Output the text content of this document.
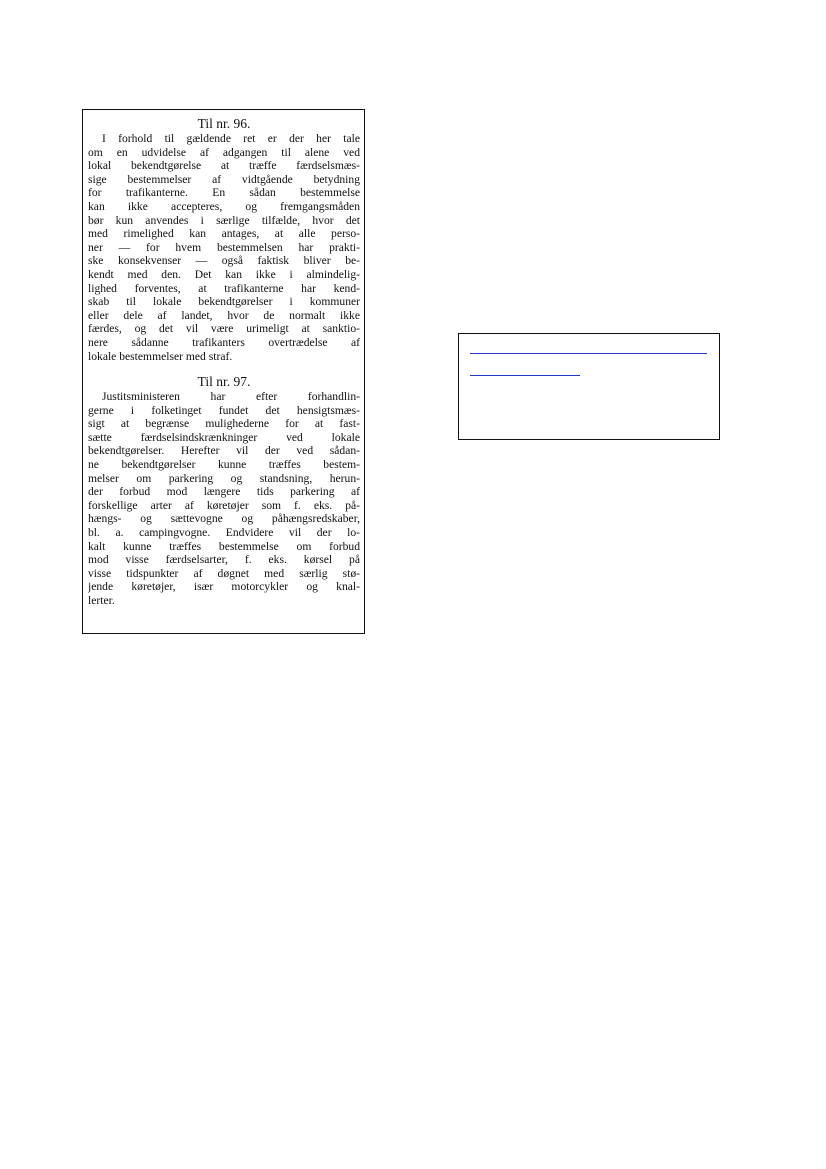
Til nr. 96.
I forhold til gældende ret er der her tale
om en udvidelse af adgangen til alene ved
lokal bekendtgørelse at træffe færdselsmæs-
sige bestemmelser af vidtgående betydning
for trafikanterne. En sådan bestemmelse
kan ikke accepteres, og fremgangsmåden
bør kun anvendes i særlige tilfælde, hvor det
med rimelighed kan antages, at alle perso-
ner — for hvem bestemmelsen har prakti-
ske konsekvenser — også faktisk bliver be-
kendt med den. Det kan ikke i almindelig-
lighed forventes, at trafikanterne har kend-
skab til lokale bekendtgørelser i kommuner
eller dele af landet, hvor de normalt ikke
færdes, og det vil være urimeligt at sanktio-
nere sådanne trafikanters overtrædelse af
lokale bestemmelser med straf.
Til nr. 97.
Justitsministeren har efter forhandlin-
gerne i folketinget fundet det hensigtsmæs-
sigt at begrænse mulighederne for at fast-
sætte færdselsindskrænkninger ved lokale
bekendtgørelser. Herefter vil der ved sådan-
ne bekendtgørelser kunne træffes bestem-
melser om parkering og standsning, herun-
der forbud mod længere tids parkering af
forskellige arter af køretøjer som f. eks. på-
hængs- og sættevogne og påhængsredskaber,
bl. a. campingvogne. Endvidere vil der lo-
kalt kunne træffes bestemmelse om forbud
mod visse færdselsarter, f. eks. kørsel på
visse tidspunkter af døgnet med særlig stø-
jende køretøjer, især motorcykler og knal-
lerter.
